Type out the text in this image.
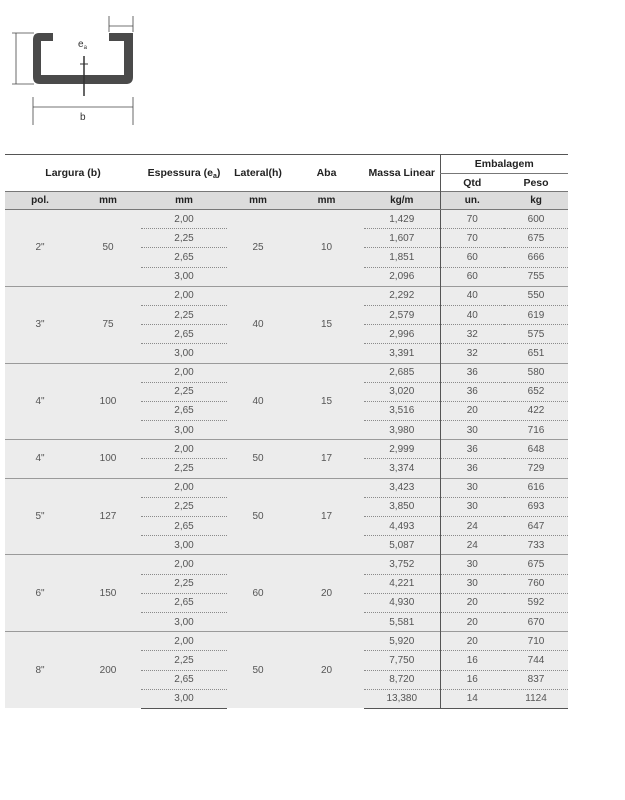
$e_a$
b
Largura (b)		Espessura $(e_a)$	Lateral(h)	Aba	Massa Linear	Embalagem	
						Qtd	Peso
pol.	mm	mm	mm	mm	kg/m	un.	kg
2"	50	2,00	25	10	1,429	70	600
		2,25			1,607	70	675
		2,65			1,851	60	666
		3,00			2,096	60	755
3"	75	2,00	40	15	2,292	40	550
		2,25			2,579	40	619
		2,65			2,996	32	575
		3,00			3,391	32	651
4"	100	2,00	40	15	2,685	36	580
		2,25			3,020	36	652
		2,65			3,516	20	422
		3,00			3,980	30	716
4"	100	2,00	50	17	2,999	36	648
		2,25			3,374	36	729
5"	127	2,00	50	17	3,423	30	616
		2,25			3,850	30	693
		2,65			4,493	24	647
		3,00			5,087	24	733
6"	150	2,00	60	20	3,752	30	675
		2,25			4,221	30	760
		2,65			4,930	20	592
		3,00			5,581	20	670
8"	200	2,00	50	20	5,920	20	710
		2,25			7,750	16	744
		2,65			8,720	16	837
		3,00			13,380	14	1124
